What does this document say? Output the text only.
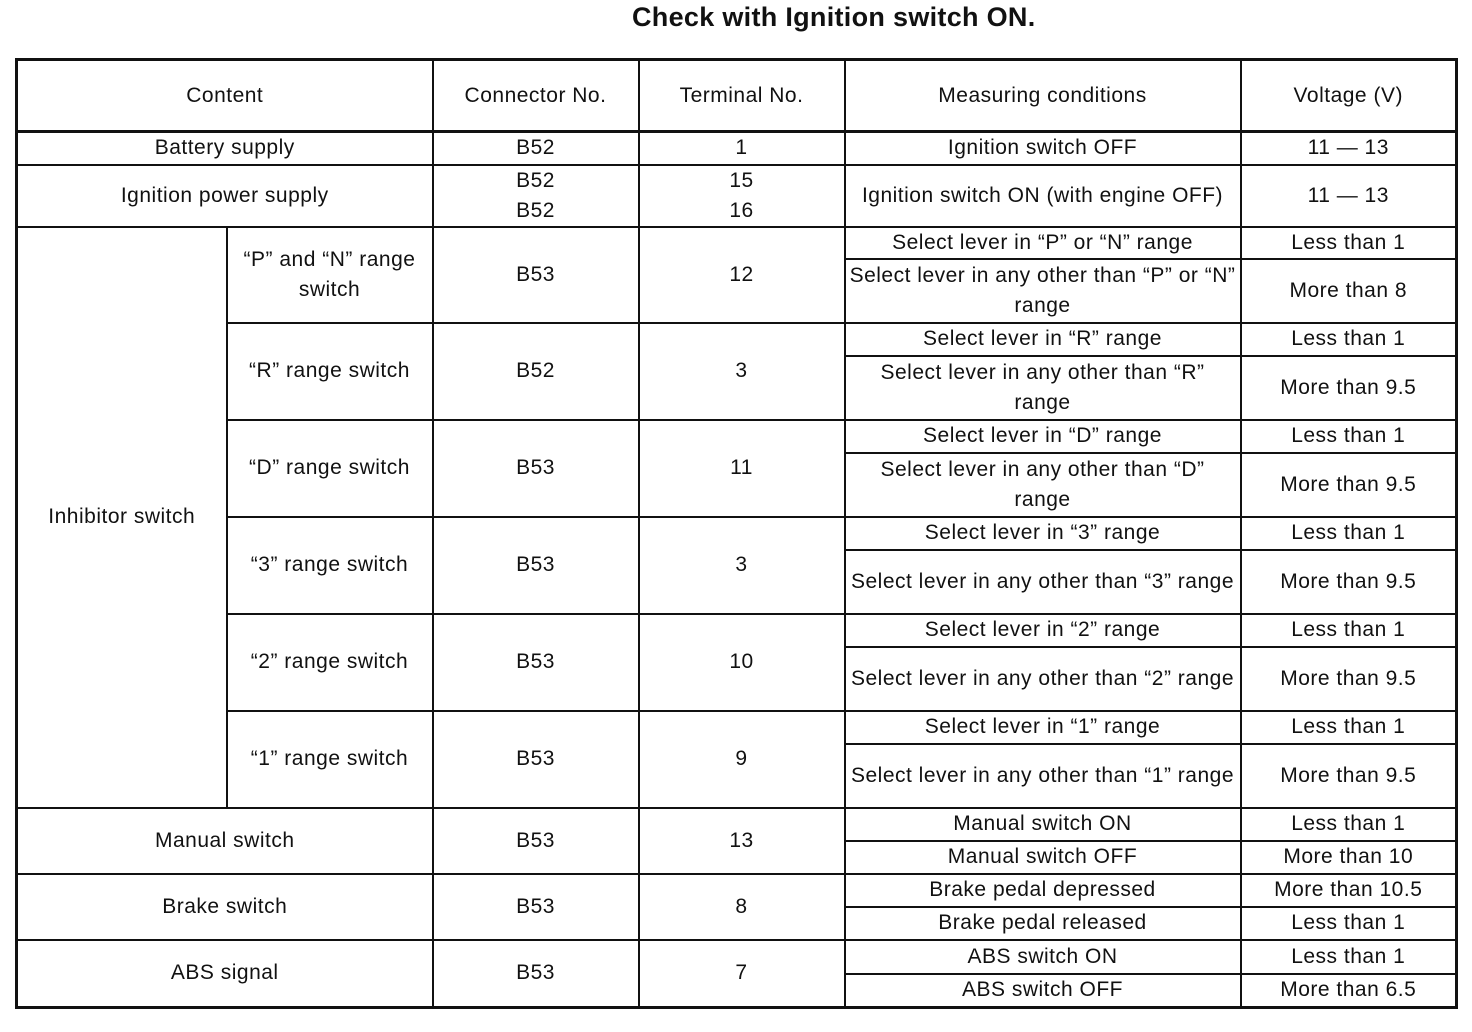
Check with Ignition switch ON.
Content		Connector No.	Terminal No.	Measuring conditions	Voltage (V)
Battery supply		B52	1	Ignition switch OFF	11 — 13
Ignition power supply		B52	15	Ignition switch ON (with engine OFF)	11 — 13
		B52	16		
Inhibitor switch	“P” and “N” range switch	B53	12	Select lever in “P” or “N” range	Less than 1
				Select lever in any other than “P” or “N” range	More than 8
	“R” range switch	B52	3	Select lever in “R” range	Less than 1
				Select lever in any other than “R” range	More than 9.5
	“D” range switch	B53	11	Select lever in “D” range	Less than 1
				Select lever in any other than “D” range	More than 9.5
	“3” range switch	B53	3	Select lever in “3” range	Less than 1
				Select lever in any other than “3” range	More than 9.5
	“2” range switch	B53	10	Select lever in “2” range	Less than 1
				Select lever in any other than “2” range	More than 9.5
	“1” range switch	B53	9	Select lever in “1” range	Less than 1
				Select lever in any other than “1” range	More than 9.5
Manual switch		B53	13	Manual switch ON	Less than 1
				Manual switch OFF	More than 10
Brake switch		B53	8	Brake pedal depressed	More than 10.5
				Brake pedal released	Less than 1
ABS signal		B53	7	ABS switch ON	Less than 1
				ABS switch OFF	More than 6.5
